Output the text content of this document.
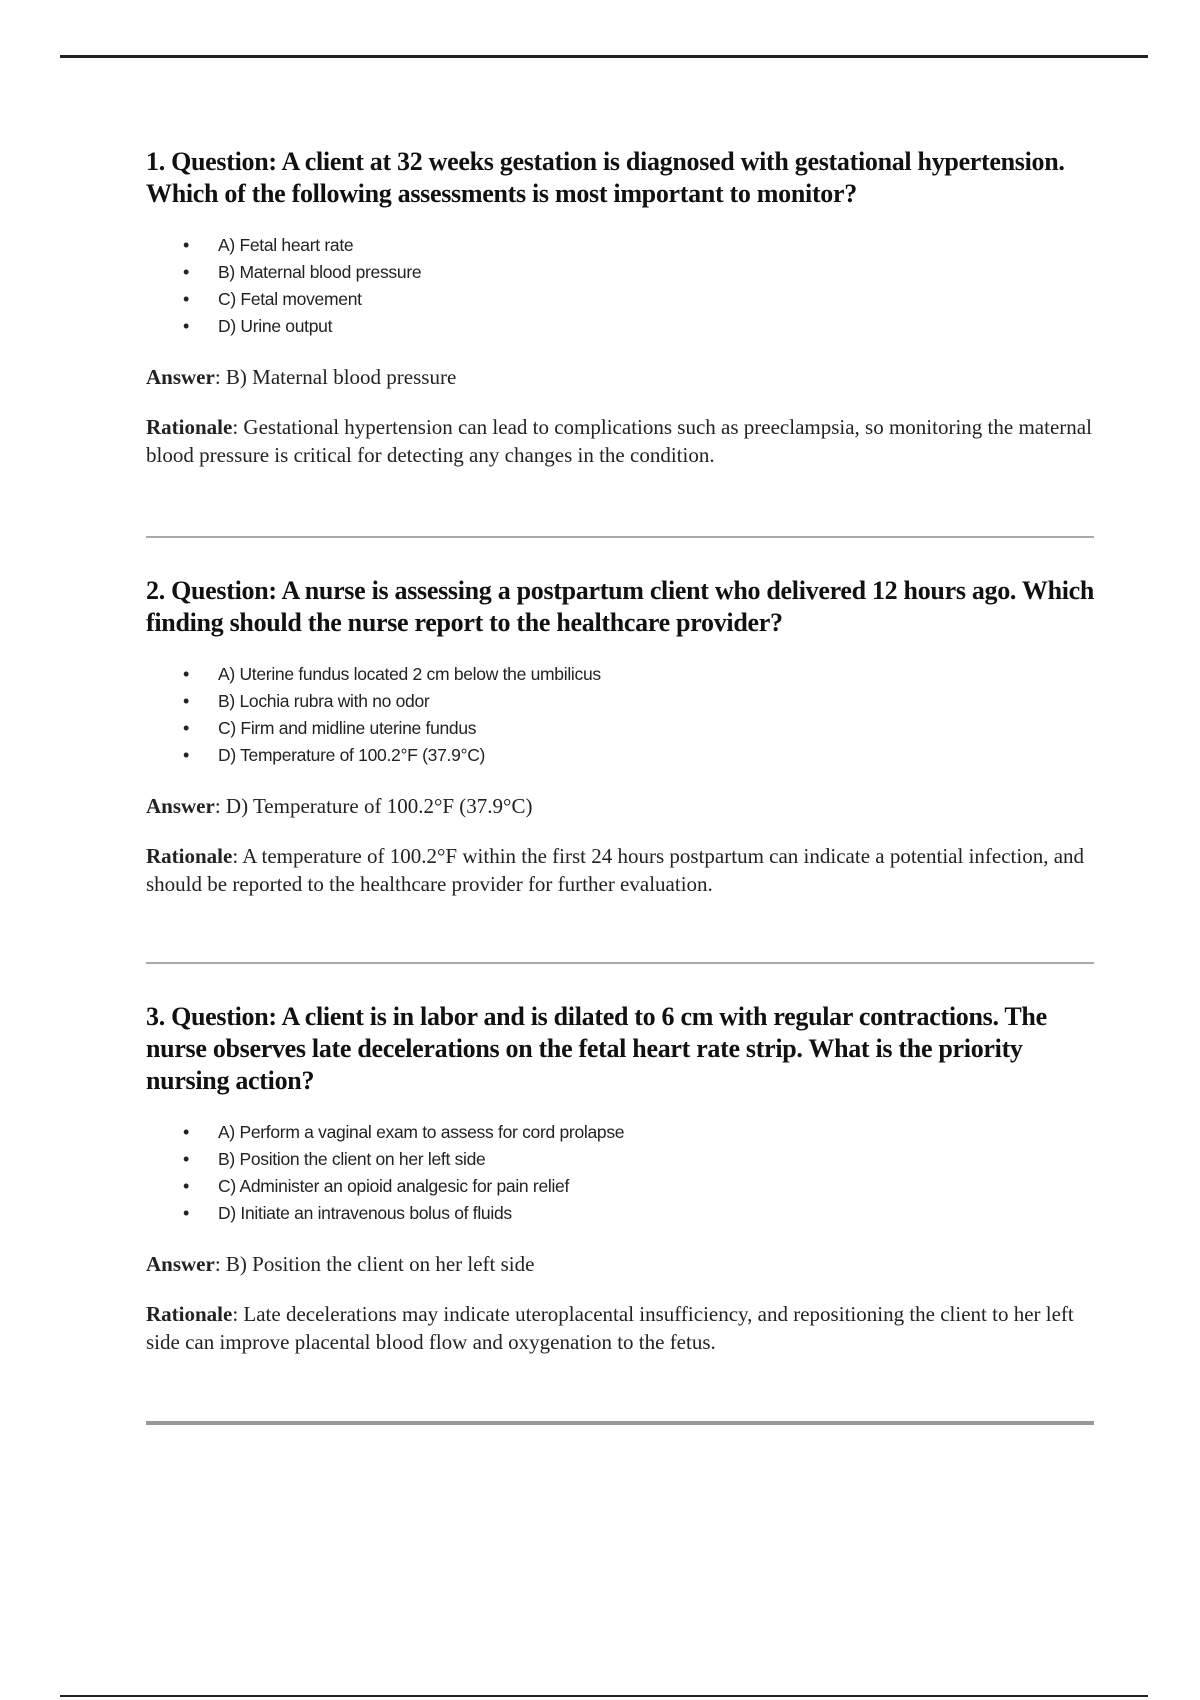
1. Question: A client at 32 weeks gestation is diagnosed with gestational hypertension. Which of the following assessments is most important to monitor?

• A) Fetal heart rate
• B) Maternal blood pressure
• C) Fetal movement
• D) Urine output

Answer: B) Maternal blood pressure

Rationale: Gestational hypertension can lead to complications such as preeclampsia, so monitoring the maternal blood pressure is critical for detecting any changes in the condition.

2. Question: A nurse is assessing a postpartum client who delivered 12 hours ago. Which finding should the nurse report to the healthcare provider?

• A) Uterine fundus located 2 cm below the umbilicus
• B) Lochia rubra with no odor
• C) Firm and midline uterine fundus
• D) Temperature of 100.2°F (37.9°C)

Answer: D) Temperature of 100.2°F (37.9°C)

Rationale: A temperature of 100.2°F within the first 24 hours postpartum can indicate a potential infection, and should be reported to the healthcare provider for further evaluation.

3. Question: A client is in labor and is dilated to 6 cm with regular contractions. The nurse observes late decelerations on the fetal heart rate strip. What is the priority nursing action?

• A) Perform a vaginal exam to assess for cord prolapse
• B) Position the client on her left side
• C) Administer an opioid analgesic for pain relief
• D) Initiate an intravenous bolus of fluids

Answer: B) Position the client on her left side

Rationale: Late decelerations may indicate uteroplacental insufficiency, and repositioning the client to her left side can improve placental blood flow and oxygenation to the fetus.
